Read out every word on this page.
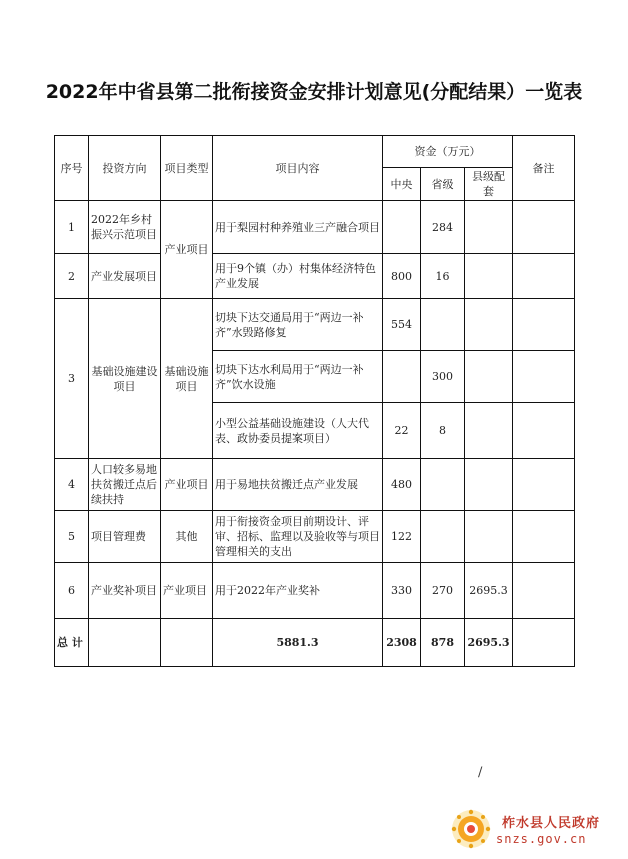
2022年中省县第二批衔接资金安排计划意见(分配结果）一览表
序号	投资方向	项目类型	项目内容	资金（万元）			备注
				中央	省级	县级配套	
1	2022年乡村振兴示范项目	产业项目	用于梨园村种养殖业三产融合项目		284		
2	产业发展项目		用于9个镇（办）村集体经济特色产业发展	800	16		
3	基础设施建设项目	基础设施项目	切块下达交通局用于“两边一补齐”水毁路修复	554			
			切块下达水利局用于“两边一补齐”饮水设施		300		
			小型公益基础设施建设（人大代表、政协委员提案项目）	22	8		
4	人口较多易地扶贫搬迁点后续扶持	产业项目	用于易地扶贫搬迁点产业发展	480			
5	项目管理费	其他	用于衔接资金项目前期设计、评审、招标、监理以及验收等与项目管理相关的支出	122			
6	产业奖补项目	产业项目	用于2022年产业奖补	330	270	2695.3	
总 计			5881.3	2308	878	2695.3	
/
柞水县人民政府
snzs.gov.cn
